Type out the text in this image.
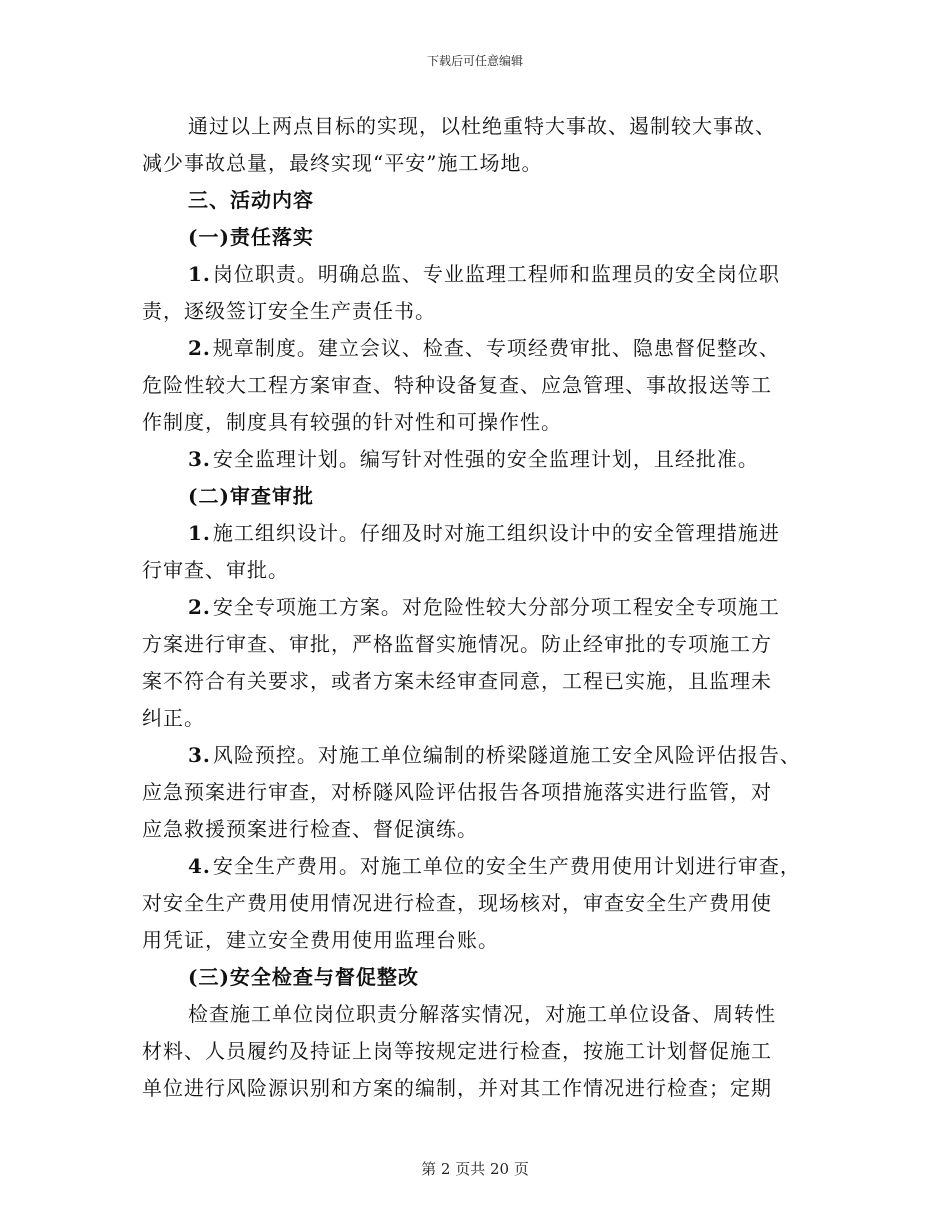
下载后可任意编辑
通过以上两点目标的实现，以杜绝重特大事故、遏制较大事故、
减少事故总量，最终实现“平安”施工场地。
三、活动内容
(一)责任落实
1. 岗位职责。明确总监、专业监理工程师和监理员的安全岗位职
责，逐级签订安全生产责任书。
2. 规章制度。建立会议、检查、专项经费审批、隐患督促整改、
危险性较大工程方案审查、特种设备复查、应急管理、事故报送等工
作制度，制度具有较强的针对性和可操作性。
3. 安全监理计划。编写针对性强的安全监理计划，且经批准。
(二)审查审批
1. 施工组织设计。仔细及时对施工组织设计中的安全管理措施进
行审查、审批。
2. 安全专项施工方案。对危险性较大分部分项工程安全专项施工
方案进行审查、审批，严格监督实施情况。防止经审批的专项施工方
案不符合有关要求，或者方案未经审查同意，工程已实施，且监理未
纠正。
3. 风险预控。对施工单位编制的桥梁隧道施工安全风险评估报告、
应急预案进行审查，对桥隧风险评估报告各项措施落实进行监管，对
应急救援预案进行检查、督促演练。
4. 安全生产费用。对施工单位的安全生产费用使用计划进行审查，
对安全生产费用使用情况进行检查，现场核对，审查安全生产费用使
用凭证，建立安全费用使用监理台账。
(三)安全检查与督促整改
检查施工单位岗位职责分解落实情况，对施工单位设备、周转性
材料、人员履约及持证上岗等按规定进行检查，按施工计划督促施工
单位进行风险源识别和方案的编制，并对其工作情况进行检查；定期
第 2 页共 20 页
